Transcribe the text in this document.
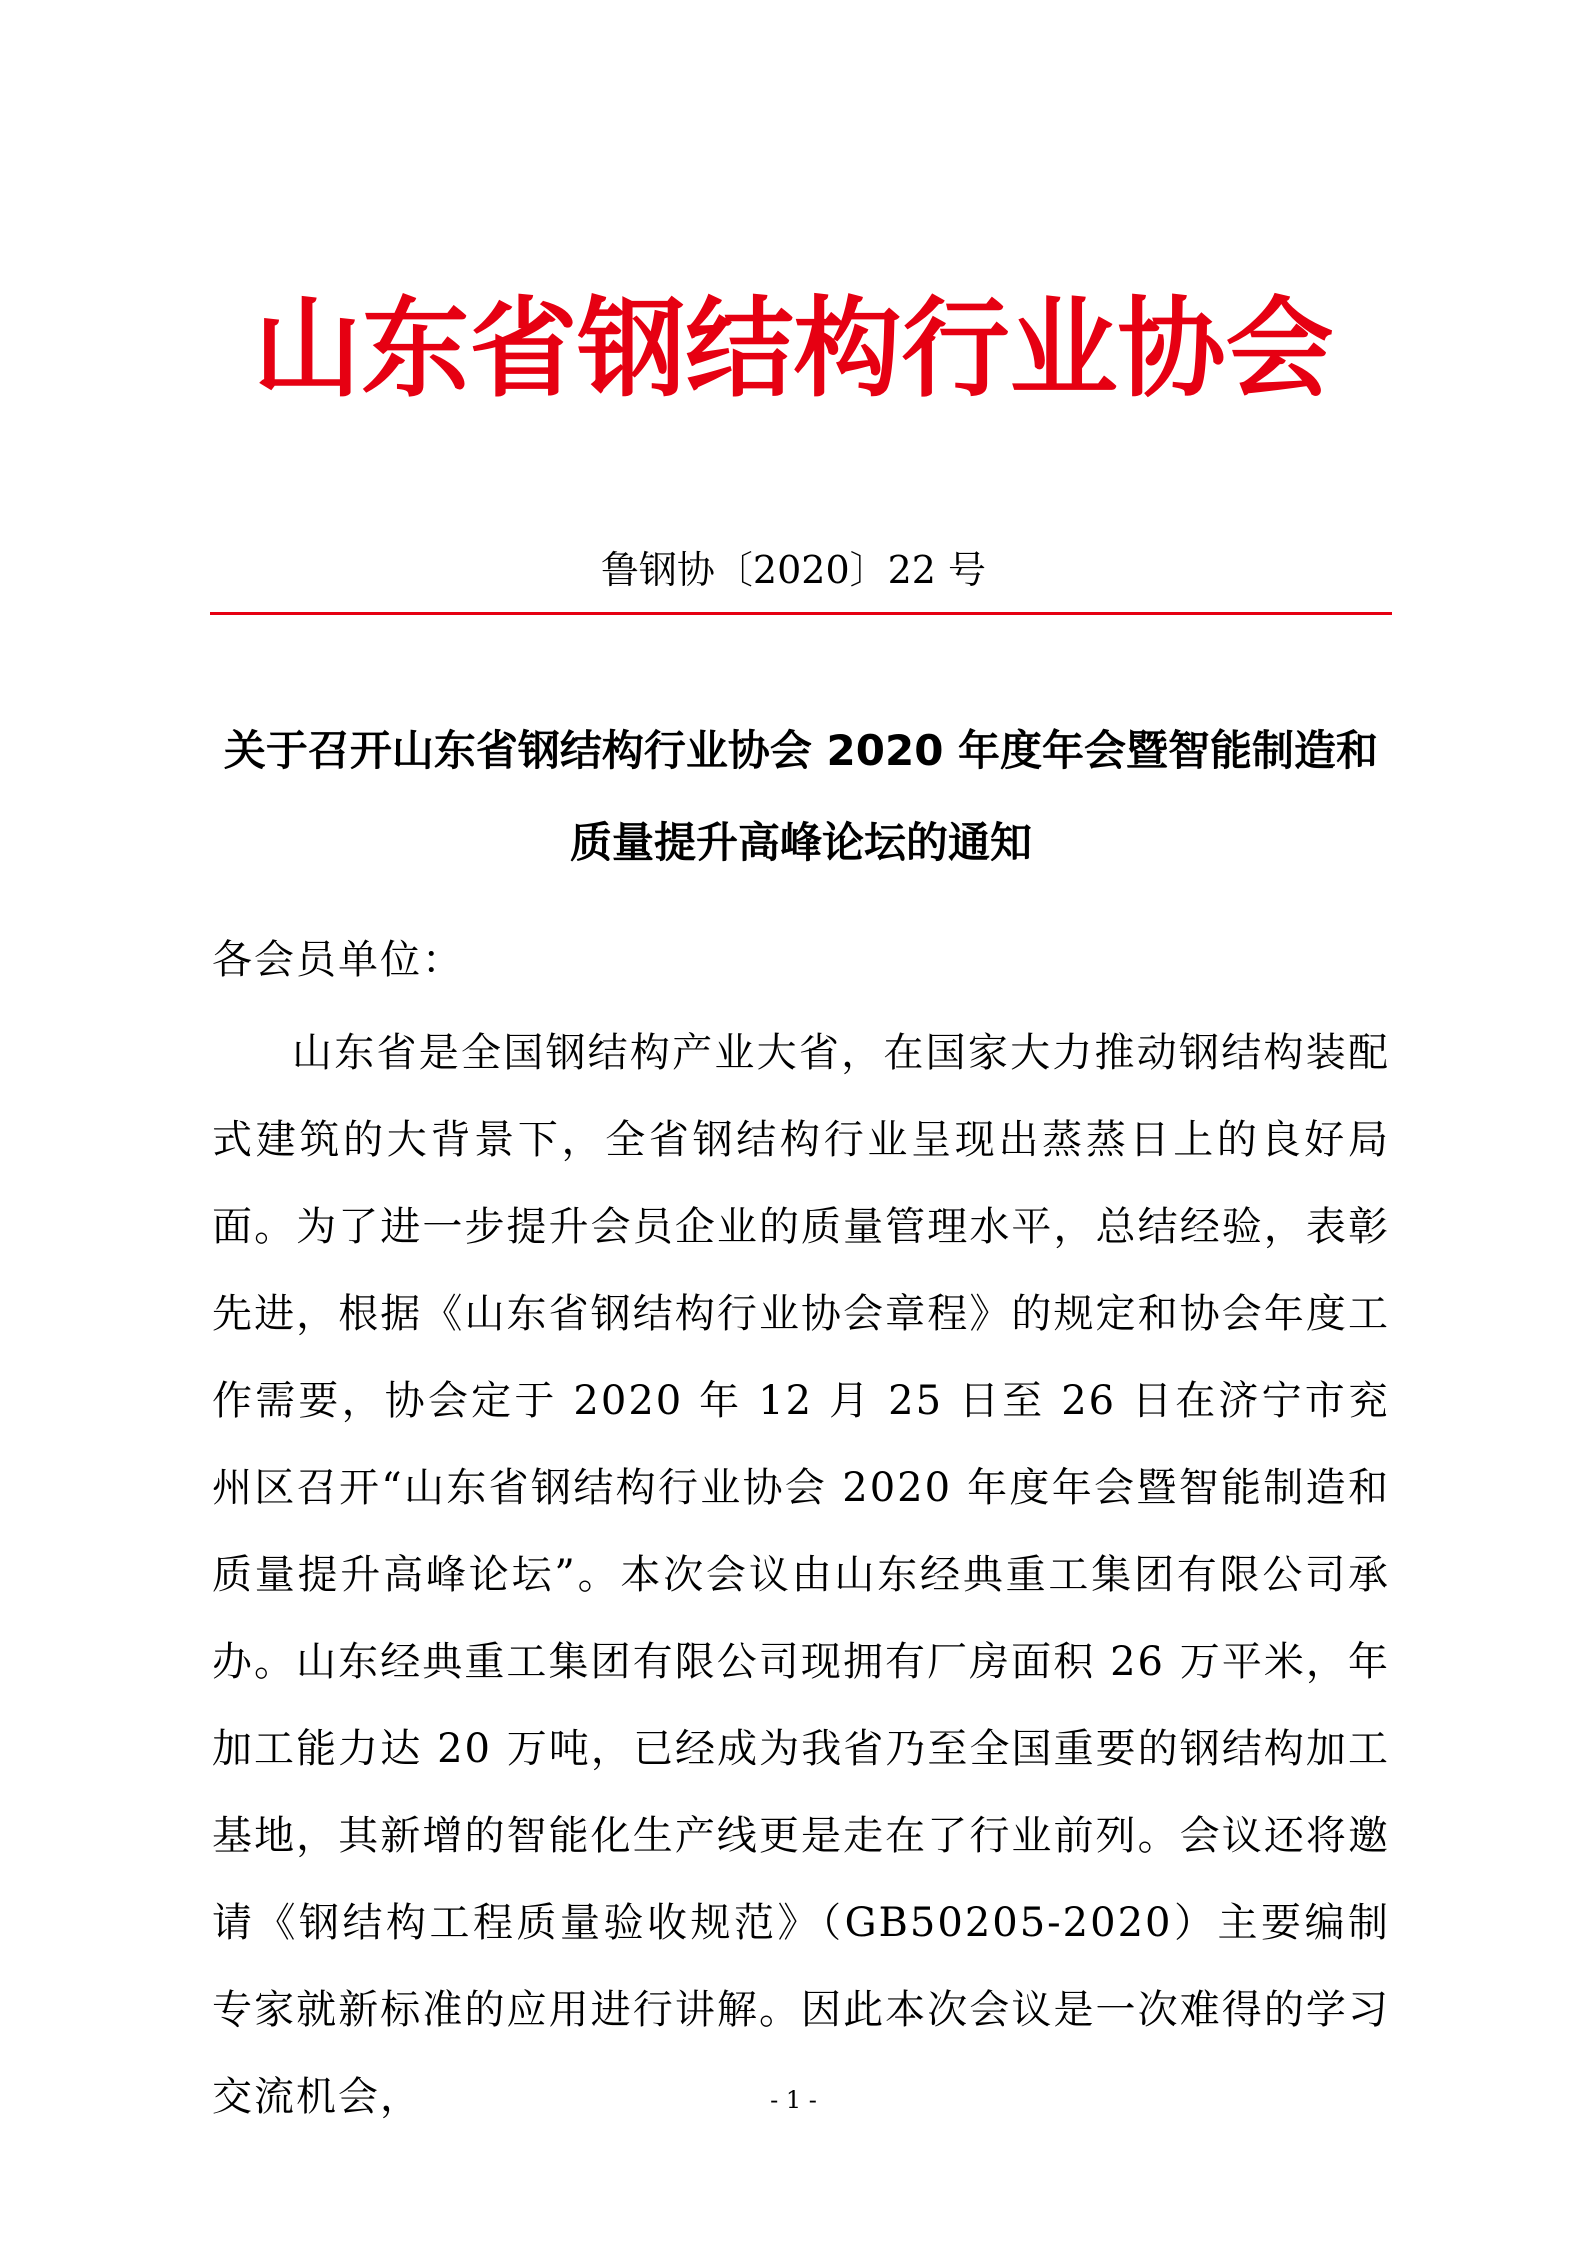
山东省钢结构行业协会
鲁钢协〔2020〕22 号
关于召开山东省钢结构行业协会 2020 年度年会暨智能制造和质量提升高峰论坛的通知
各会员单位：

山东省是全国钢结构产业大省，在国家大力推动钢结构装配式建筑的大背景下，全省钢结构行业呈现出蒸蒸日上的良好局面。为了进一步提升会员企业的质量管理水平，总结经验，表彰先进，根据《山东省钢结构行业协会章程》的规定和协会年度工作需要，协会定于 2020 年 12 月 25 日至 26 日在济宁市兖州区召开“山东省钢结构行业协会 2020 年度年会暨智能制造和质量提升高峰论坛”。本次会议由山东经典重工集团有限公司承办。山东经典重工集团有限公司现拥有厂房面积 26 万平米，年加工能力达 20 万吨，已经成为我省乃至全国重要的钢结构加工基地，其新增的智能化生产线更是走在了行业前列。会议还将邀请《钢结构工程质量验收规范》（GB50205-2020）主要编制专家就新标准的应用进行讲解。因此本次会议是一次难得的学习交流机会，	- 1 -
